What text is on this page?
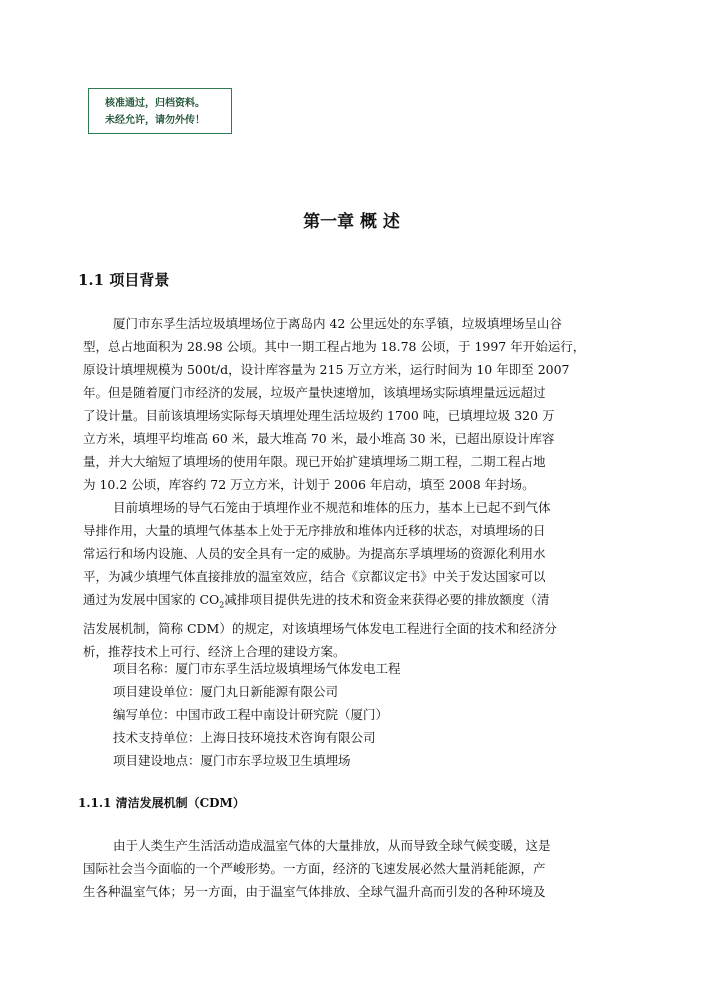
核准通过，归档资料。
未经允许，请勿外传！
第一章 概 述
1.1 项目背景
厦门市东孚生活垃圾填埋场位于离岛内 42 公里远处的东孚镇，垃圾填埋场呈山谷
型，总占地面积为 28.98 公顷。其中一期工程占地为 18.78 公顷，于 1997 年开始运行，
原设计填埋规模为 500t/d，设计库容量为 215 万立方米，运行时间为 10 年即至 2007
年。但是随着厦门市经济的发展，垃圾产量快速增加，该填埋场实际填埋量远远超过
了设计量。目前该填埋场实际每天填埋处理生活垃圾约 1700 吨，已填埋垃圾 320 万
立方米，填埋平均堆高 60 米，最大堆高 70 米，最小堆高 30 米，已超出原设计库容
量，并大大缩短了填埋场的使用年限。现已开始扩建填埋场二期工程，二期工程占地
为 10.2 公顷，库容约 72 万立方米，计划于 2006 年启动，填至 2008 年封场。
目前填埋场的导气石笼由于填埋作业不规范和堆体的压力，基本上已起不到气体
导排作用，大量的填埋气体基本上处于无序排放和堆体内迁移的状态，对填埋场的日
常运行和场内设施、人员的安全具有一定的威胁。为提高东孚填埋场的资源化利用水
平，为减少填埋气体直接排放的温室效应，结合《京都议定书》中关于发达国家可以
通过为发展中国家的 $CO_2$减排项目提供先进的技术和资金来获得必要的排放额度（清
洁发展机制，简称 CDM）的规定，对该填埋场气体发电工程进行全面的技术和经济分
析，推荐技术上可行、经济上合理的建设方案。
项目名称：厦门市东孚生活垃圾填埋场气体发电工程
项目建设单位：厦门丸日新能源有限公司
编写单位：中国市政工程中南设计研究院（厦门）
技术支持单位：上海日技环境技术咨询有限公司
项目建设地点：厦门市东孚垃圾卫生填埋场
1.1.1 清洁发展机制（CDM）
由于人类生产生活活动造成温室气体的大量排放，从而导致全球气候变暖，这是
国际社会当今面临的一个严峻形势。一方面，经济的飞速发展必然大量消耗能源，产
生各种温室气体；另一方面，由于温室气体排放、全球气温升高而引发的各种环境及
